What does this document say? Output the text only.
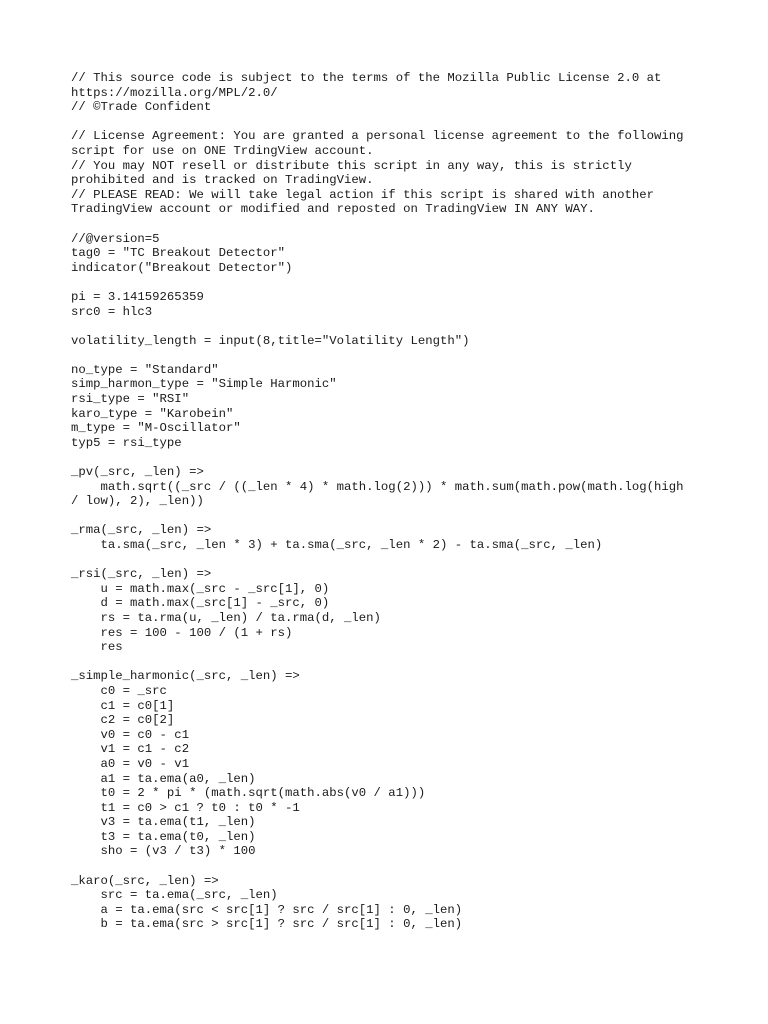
// This source code is subject to the terms of the Mozilla Public License 2.0 at
https://mozilla.org/MPL/2.0/
// ©Trade Confident
// License Agreement: You are granted a personal license agreement to the following
script for use on ONE TrdingView account.
// You may NOT resell or distribute this script in any way, this is strictly
prohibited and is tracked on TradingView.
// PLEASE READ: We will take legal action if this script is shared with another
TradingView account or modified and reposted on TradingView IN ANY WAY.
//@version=5
tag0 = "TC Breakout Detector"
indicator("Breakout Detector")
pi = 3.14159265359
src0 = hlc3
volatility_length = input(8,title="Volatility Length")
no_type = "Standard"
simp_harmon_type = "Simple Harmonic"
rsi_type = "RSI"
karo_type = "Karobein"
m_type = "M-Oscillator"
typ5 = rsi_type
_pv(_src, _len) =>
math.sqrt((_src / ((_len * 4) * math.log(2))) * math.sum(math.pow(math.log(high
/ low), 2), _len))
_rma(_src, _len) =>
ta.sma(_src, _len * 3) + ta.sma(_src, _len * 2) - ta.sma(_src, _len)
_rsi(_src, _len) =>
u = math.max(_src - _src[1], 0)
d = math.max(_src[1] - _src, 0)
rs = ta.rma(u, _len) / ta.rma(d, _len)
res = 100 - 100 / (1 + rs)
res
_simple_harmonic(_src, _len) =>
c0 = _src
c1 = c0[1]
c2 = c0[2]
v0 = c0 - c1
v1 = c1 - c2
a0 = v0 - v1
a1 = ta.ema(a0, _len)
t0 = 2 * pi * (math.sqrt(math.abs(v0 / a1)))
t1 = c0 > c1 ? t0 : t0 * -1
v3 = ta.ema(t1, _len)
t3 = ta.ema(t0, _len)
sho = (v3 / t3) * 100
_karo(_src, _len) =>
src = ta.ema(_src, _len)
a = ta.ema(src < src[1] ? src / src[1] : 0, _len)
b = ta.ema(src > src[1] ? src / src[1] : 0, _len)
